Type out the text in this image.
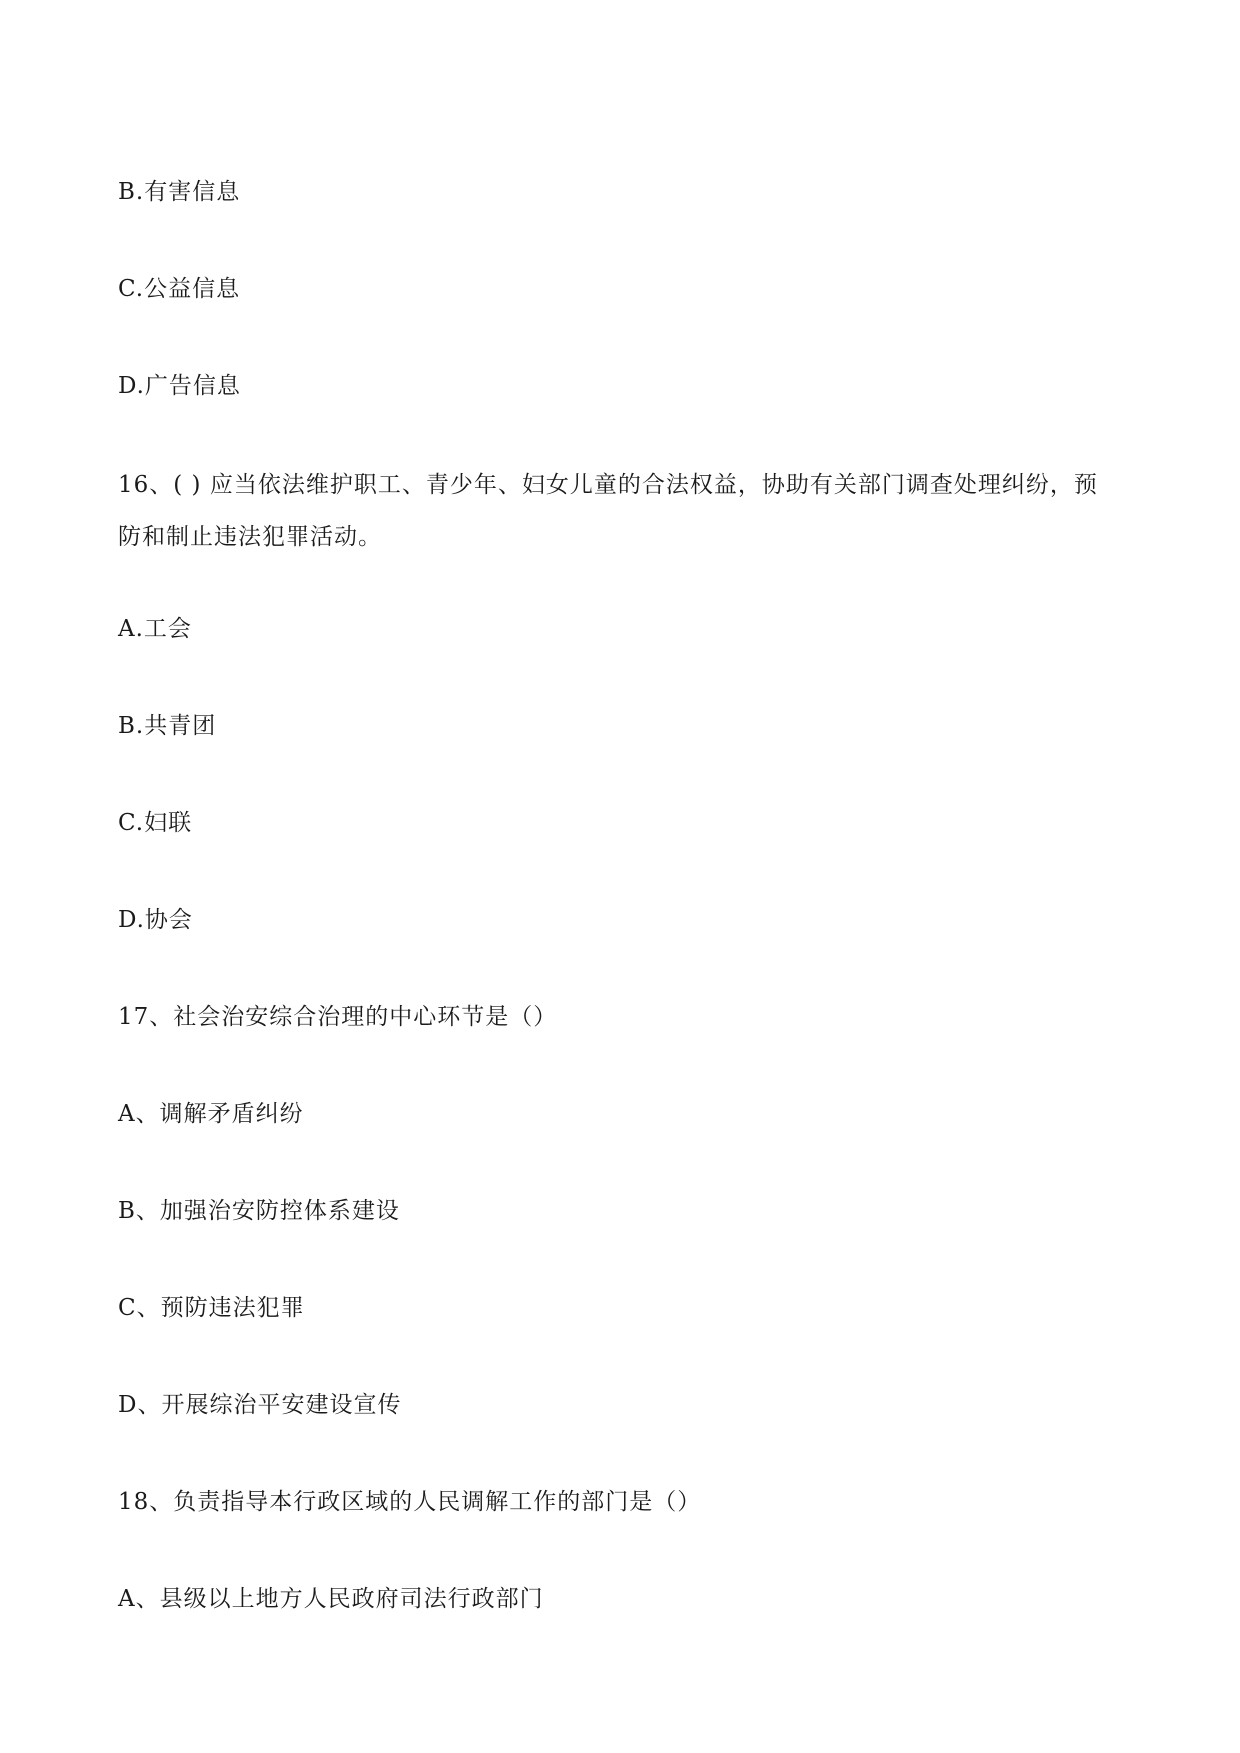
B.有害信息

C.公益信息

D.广告信息

16、( ) 应当依法维护职工、青少年、妇女儿童的合法权益，协助有关部门调查处理纠纷，预

防和制止违法犯罪活动。

A.工会

B.共青团

C.妇联

D.协会

17、社会治安综合治理的中心环节是（）

A、调解矛盾纠纷

B、加强治安防控体系建设

C、预防违法犯罪

D、开展综治平安建设宣传

18、负责指导本行政区域的人民调解工作的部门是（）

A、县级以上地方人民政府司法行政部门
